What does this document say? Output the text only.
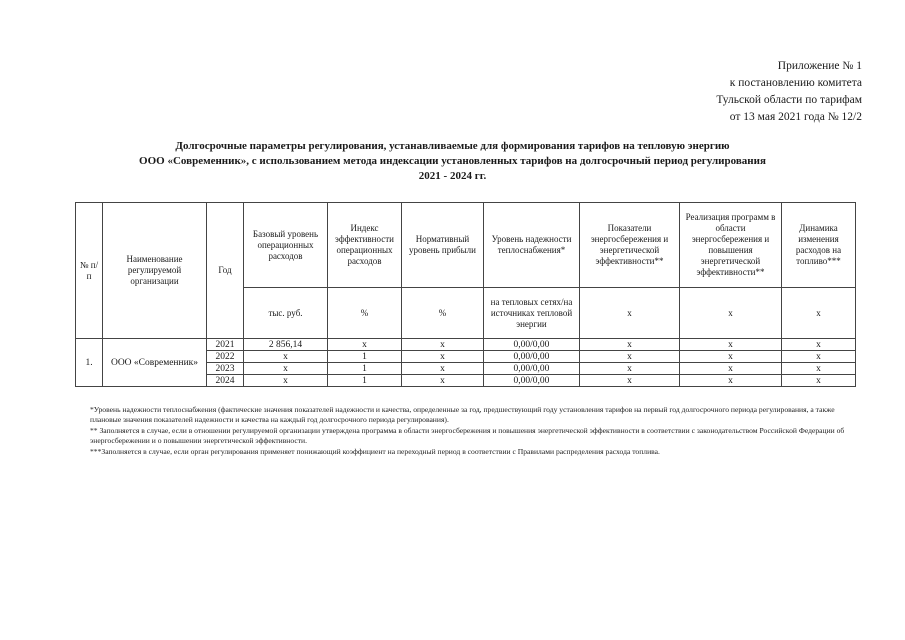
Приложение № 1
к постановлению комитета
Тульской области по тарифам
от 13 мая 2021 года № 12/2
Долгосрочные параметры регулирования, устанавливаемые для формирования тарифов на тепловую энергию
ООО «Современник», с использованием метода индексации установленных тарифов на долгосрочный период регулирования
2021 - 2024 гг.
№ п/п	Наименование регулируемой организации	Год	Базовый уровень операционных расходов	Индекс эффективности операционных расходов	Нормативный уровень прибыли	Уровень надежности теплоснабжения*	Показатели энергосбережения и энергетической эффективности**	Реализация программ в области энергосбережения и повышения энергетической эффективности**	Динамика изменения расходов на топливо***
			тыс. руб.	%	%	на тепловых сетях/на источниках тепловой энергии	х	х	х
1.	ООО «Современник»	2021	2 856,14	х	х	0,00/0,00	х	х	х
		2022	х	1	х	0,00/0,00	х	х	х
		2023	х	1	х	0,00/0,00	х	х	х
		2024	х	1	х	0,00/0,00	х	х	х
*Уровень надежности теплоснабжения (фактические значения показателей надежности и качества, определенные за год, предшествующий году установления тарифов на первый год долгосрочного периода регулирования, а также плановые значения показателей надежности и качества на каждый год долгосрочного периода регулирования).
** Заполняется в случае, если в отношении регулируемой организации утверждена программа в области энергосбережения и повышения энергетической эффективности в соответствии с законодательством Российской Федерации об энергосбережении и о повышении энергетической эффективности.
***Заполняется в случае, если орган регулирования применяет понижающий коэффициент на переходный период в соответствии с Правилами распределения расхода топлива.
